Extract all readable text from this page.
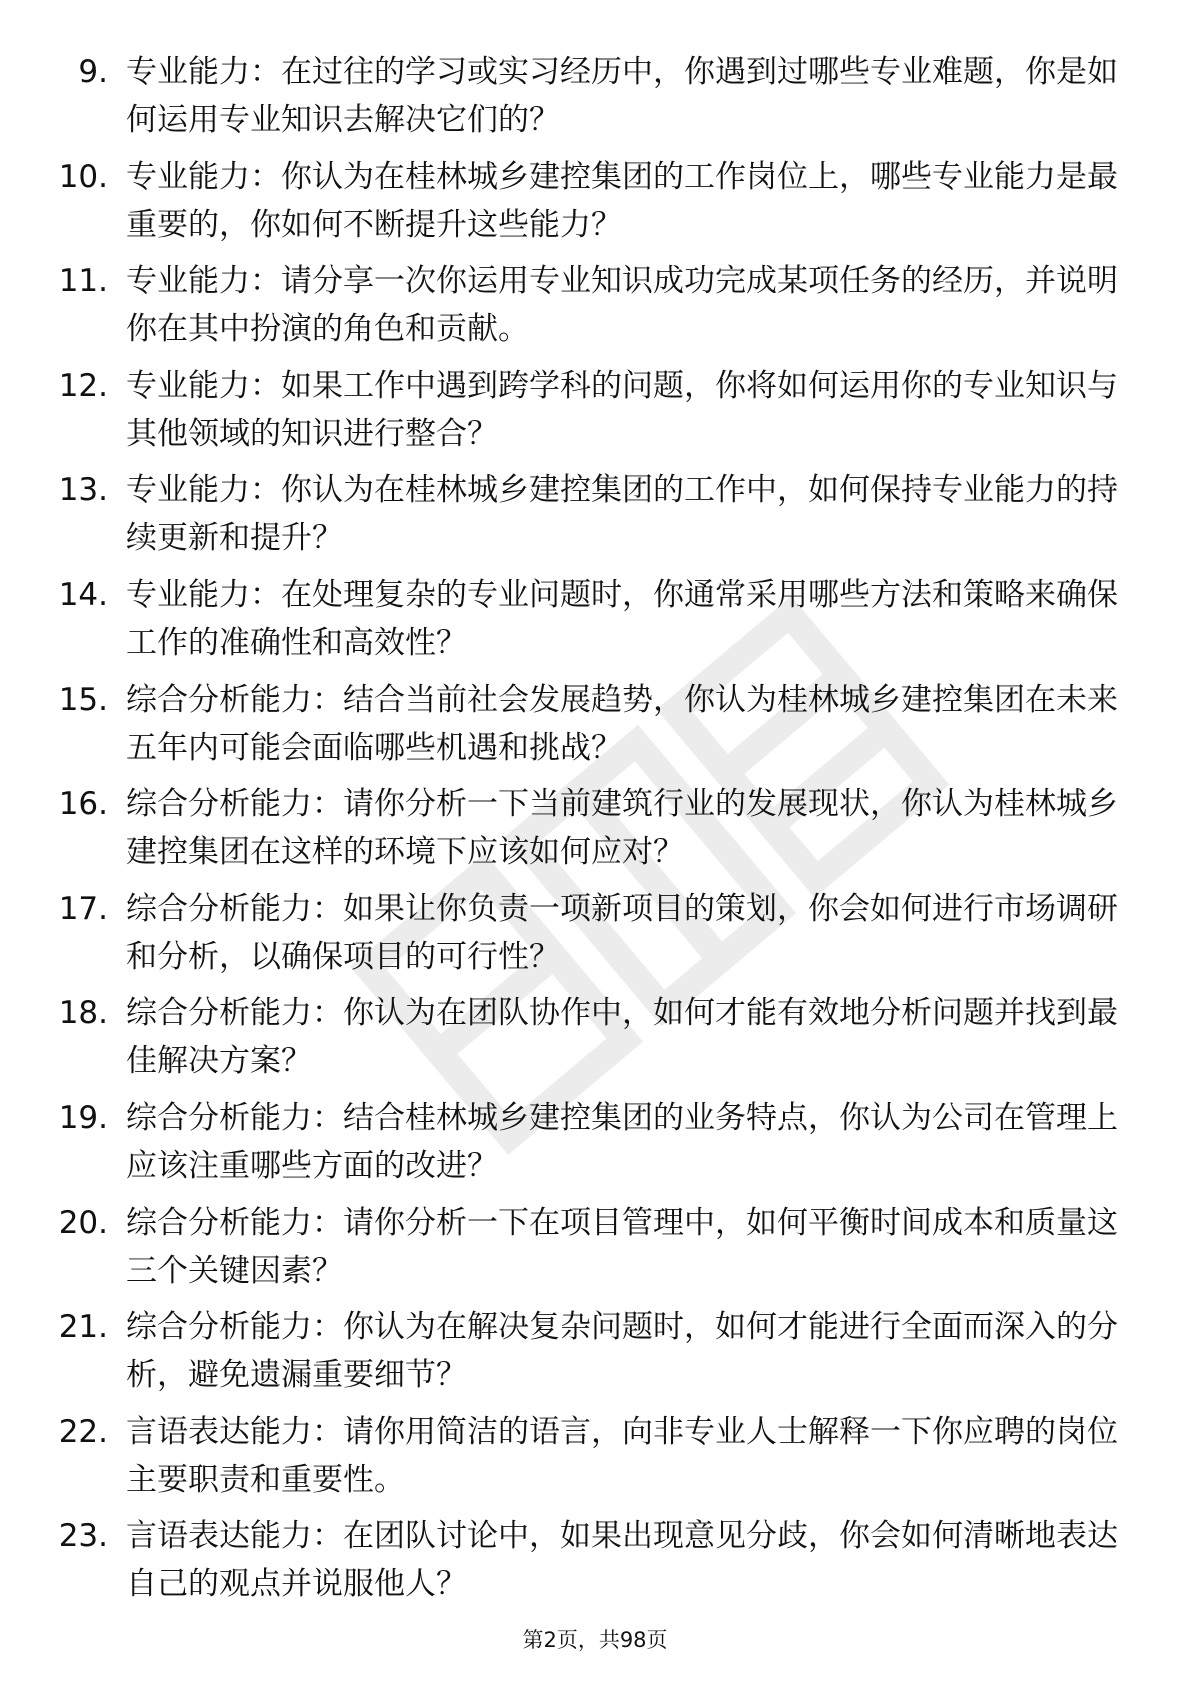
9. 专业能力：在过往的学习或实习经历中，你遇到过哪些专业难题，你是如何运用专业知识去解决它们的？
10. 专业能力：你认为在桂林城乡建控集团的工作岗位上，哪些专业能力是最重要的，你如何不断提升这些能力？
11. 专业能力：请分享一次你运用专业知识成功完成某项任务的经历，并说明你在其中扮演的角色和贡献。
12. 专业能力：如果工作中遇到跨学科的问题，你将如何运用你的专业知识与其他领域的知识进行整合？
13. 专业能力：你认为在桂林城乡建控集团的工作中，如何保持专业能力的持续更新和提升？
14. 专业能力：在处理复杂的专业问题时，你通常采用哪些方法和策略来确保工作的准确性和高效性？
15. 综合分析能力：结合当前社会发展趋势，你认为桂林城乡建控集团在未来五年内可能会面临哪些机遇和挑战？
16. 综合分析能力：请你分析一下当前建筑行业的发展现状，你认为桂林城乡建控集团在这样的环境下应该如何应对？
17. 综合分析能力：如果让你负责一项新项目的策划，你会如何进行市场调研和分析，以确保项目的可行性？
18. 综合分析能力：你认为在团队协作中，如何才能有效地分析问题并找到最佳解决方案？
19. 综合分析能力：结合桂林城乡建控集团的业务特点，你认为公司在管理上应该注重哪些方面的改进？
20. 综合分析能力：请你分析一下在项目管理中，如何平衡时间成本和质量这三个关键因素？
21. 综合分析能力：你认为在解决复杂问题时，如何才能进行全面而深入的分析，避免遗漏重要细节？
22. 言语表达能力：请你用简洁的语言，向非专业人士解释一下你应聘的岗位主要职责和重要性。
23. 言语表达能力：在团队讨论中，如果出现意见分歧，你会如何清晰地表达自己的观点并说服他人？
第2页，共98页
